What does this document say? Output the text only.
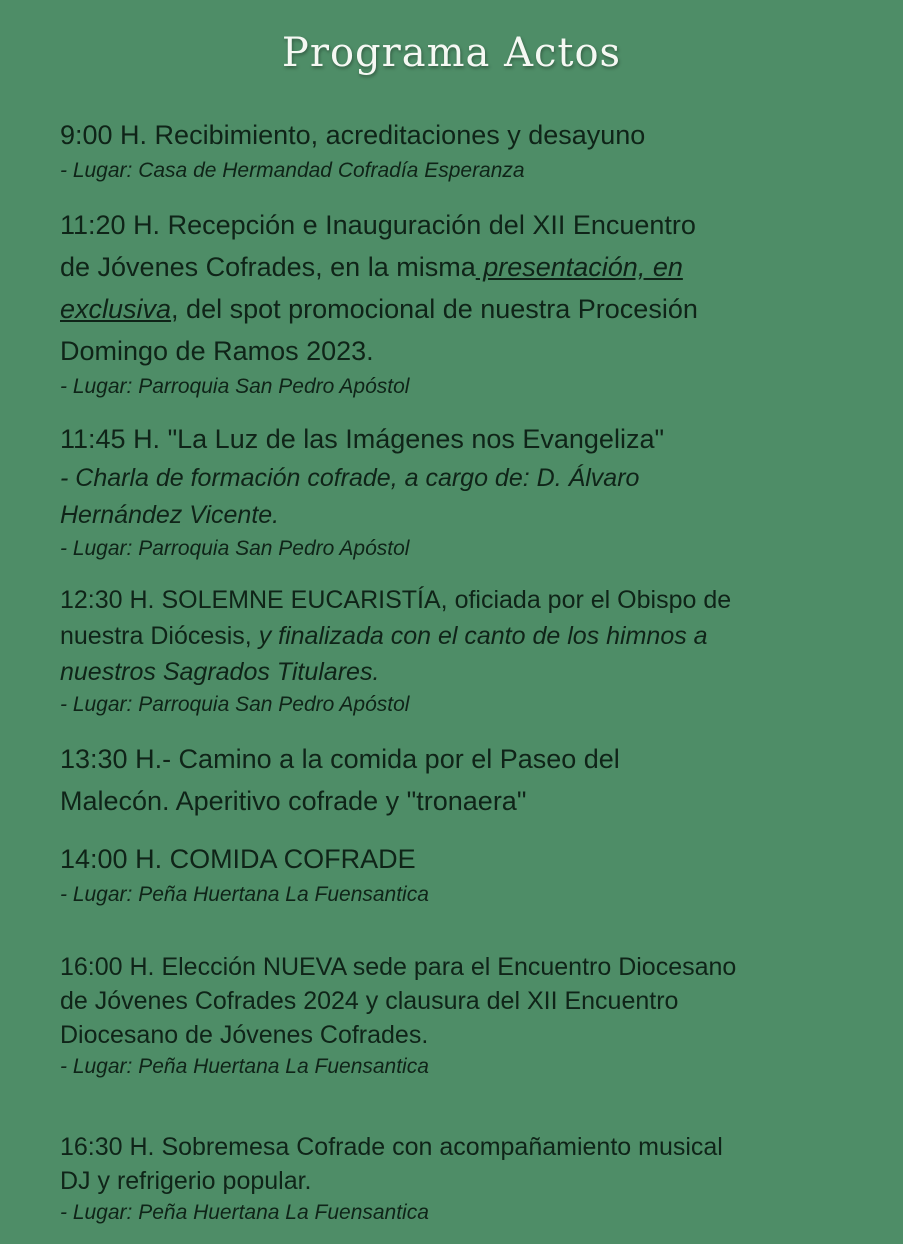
Programa Actos
9:00 H. Recibimiento, acreditaciones y desayuno
- Lugar: Casa de Hermandad Cofradía Esperanza
11:20 H. Recepción e Inauguración del XII Encuentro
de Jóvenes Cofrades, en la misma presentación, en
exclusiva, del spot promocional de nuestra Procesión
Domingo de Ramos 2023.
- Lugar: Parroquia San Pedro Apóstol
11:45 H. "La Luz de las Imágenes nos Evangeliza"
- Charla de formación cofrade, a cargo de: D. Álvaro
Hernández Vicente.
- Lugar: Parroquia San Pedro Apóstol
12:30 H. SOLEMNE EUCARISTÍA, oficiada por el Obispo de
nuestra Diócesis, y finalizada con el canto de los himnos a
nuestros Sagrados Titulares.
- Lugar: Parroquia San Pedro Apóstol
13:30 H.- Camino a la comida por el Paseo del
Malecón. Aperitivo cofrade y "tronaera"
14:00 H. COMIDA COFRADE
- Lugar: Peña Huertana La Fuensantica
16:00 H. Elección NUEVA sede para el Encuentro Diocesano
de Jóvenes Cofrades 2024 y clausura del XII Encuentro
Diocesano de Jóvenes Cofrades.
- Lugar: Peña Huertana La Fuensantica
16:30 H. Sobremesa Cofrade con acompañamiento musical
DJ y refrigerio popular.
- Lugar: Peña Huertana La Fuensantica
